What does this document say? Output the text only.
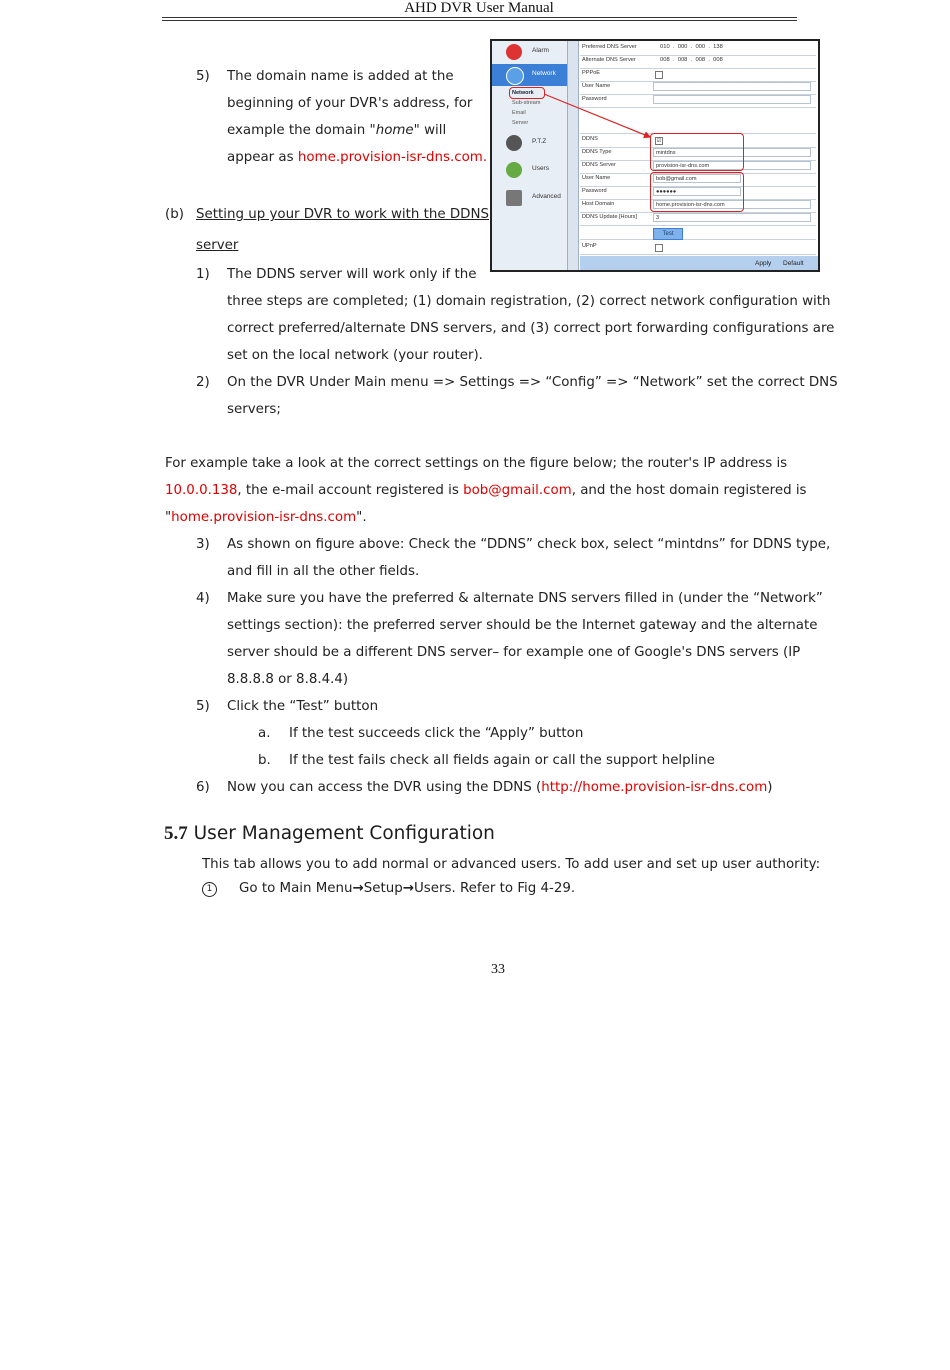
AHD DVR User Manual
Alarm
Network
Network
Sub-stream
Email
Server
P.T.Z
Users
Advanced
Preferred DNS Server	010  .  000  .  000  .  138
Alternate DNS Server	008  .  008  .  008  .  008
PPPoE
User Name
Password
DDNS	☑
DDNS Type	mintdns
DDNS Server	provision-isr-dns.com
User Name	bob@gmail.com
Password	●●●●●●
Host Domain	home.provision-isr-dns.com
DDNS Update [Hours]	3
UPnP
Test
Apply Default
5) The domain name is added at the
beginning of your DVR's address, for
example the domain "home" will
appear as home.provision-isr-dns.com.
(b) Setting up your DVR to work with the DDNS
server
1) The DDNS server will work only if the
three steps are completed; (1) domain registration, (2) correct network configuration with
correct preferred/alternate DNS servers, and (3) correct port forwarding configurations are
set on the local network (your router).
2) On the DVR Under Main menu => Settings => “Config” => “Network” set the correct DNS
servers;
For example take a look at the correct settings on the figure below; the router's IP address is
10.0.0.138, the e-mail account registered is bob@gmail.com, and the host domain registered is
"home.provision-isr-dns.com".
3) As shown on figure above: Check the “DDNS” check box, select “mintdns” for DDNS type,
and fill in all the other fields.
4) Make sure you have the preferred & alternate DNS servers filled in (under the “Network”
settings section): the preferred server should be the Internet gateway and the alternate
server should be a different DNS server– for example one of Google's DNS servers (IP
8.8.8.8 or 8.8.4.4)
5) Click the “Test” button
a. If the test succeeds click the “Apply” button
b. If the test fails check all fields again or call the support helpline
6) Now you can access the DVR using the DDNS (http://home.provision-isr-dns.com)
5.7 User Management Configuration
This tab allows you to add normal or advanced users. To add user and set up user authority:
1 Go to Main Menu→Setup→Users. Refer to Fig 4-29.
33
